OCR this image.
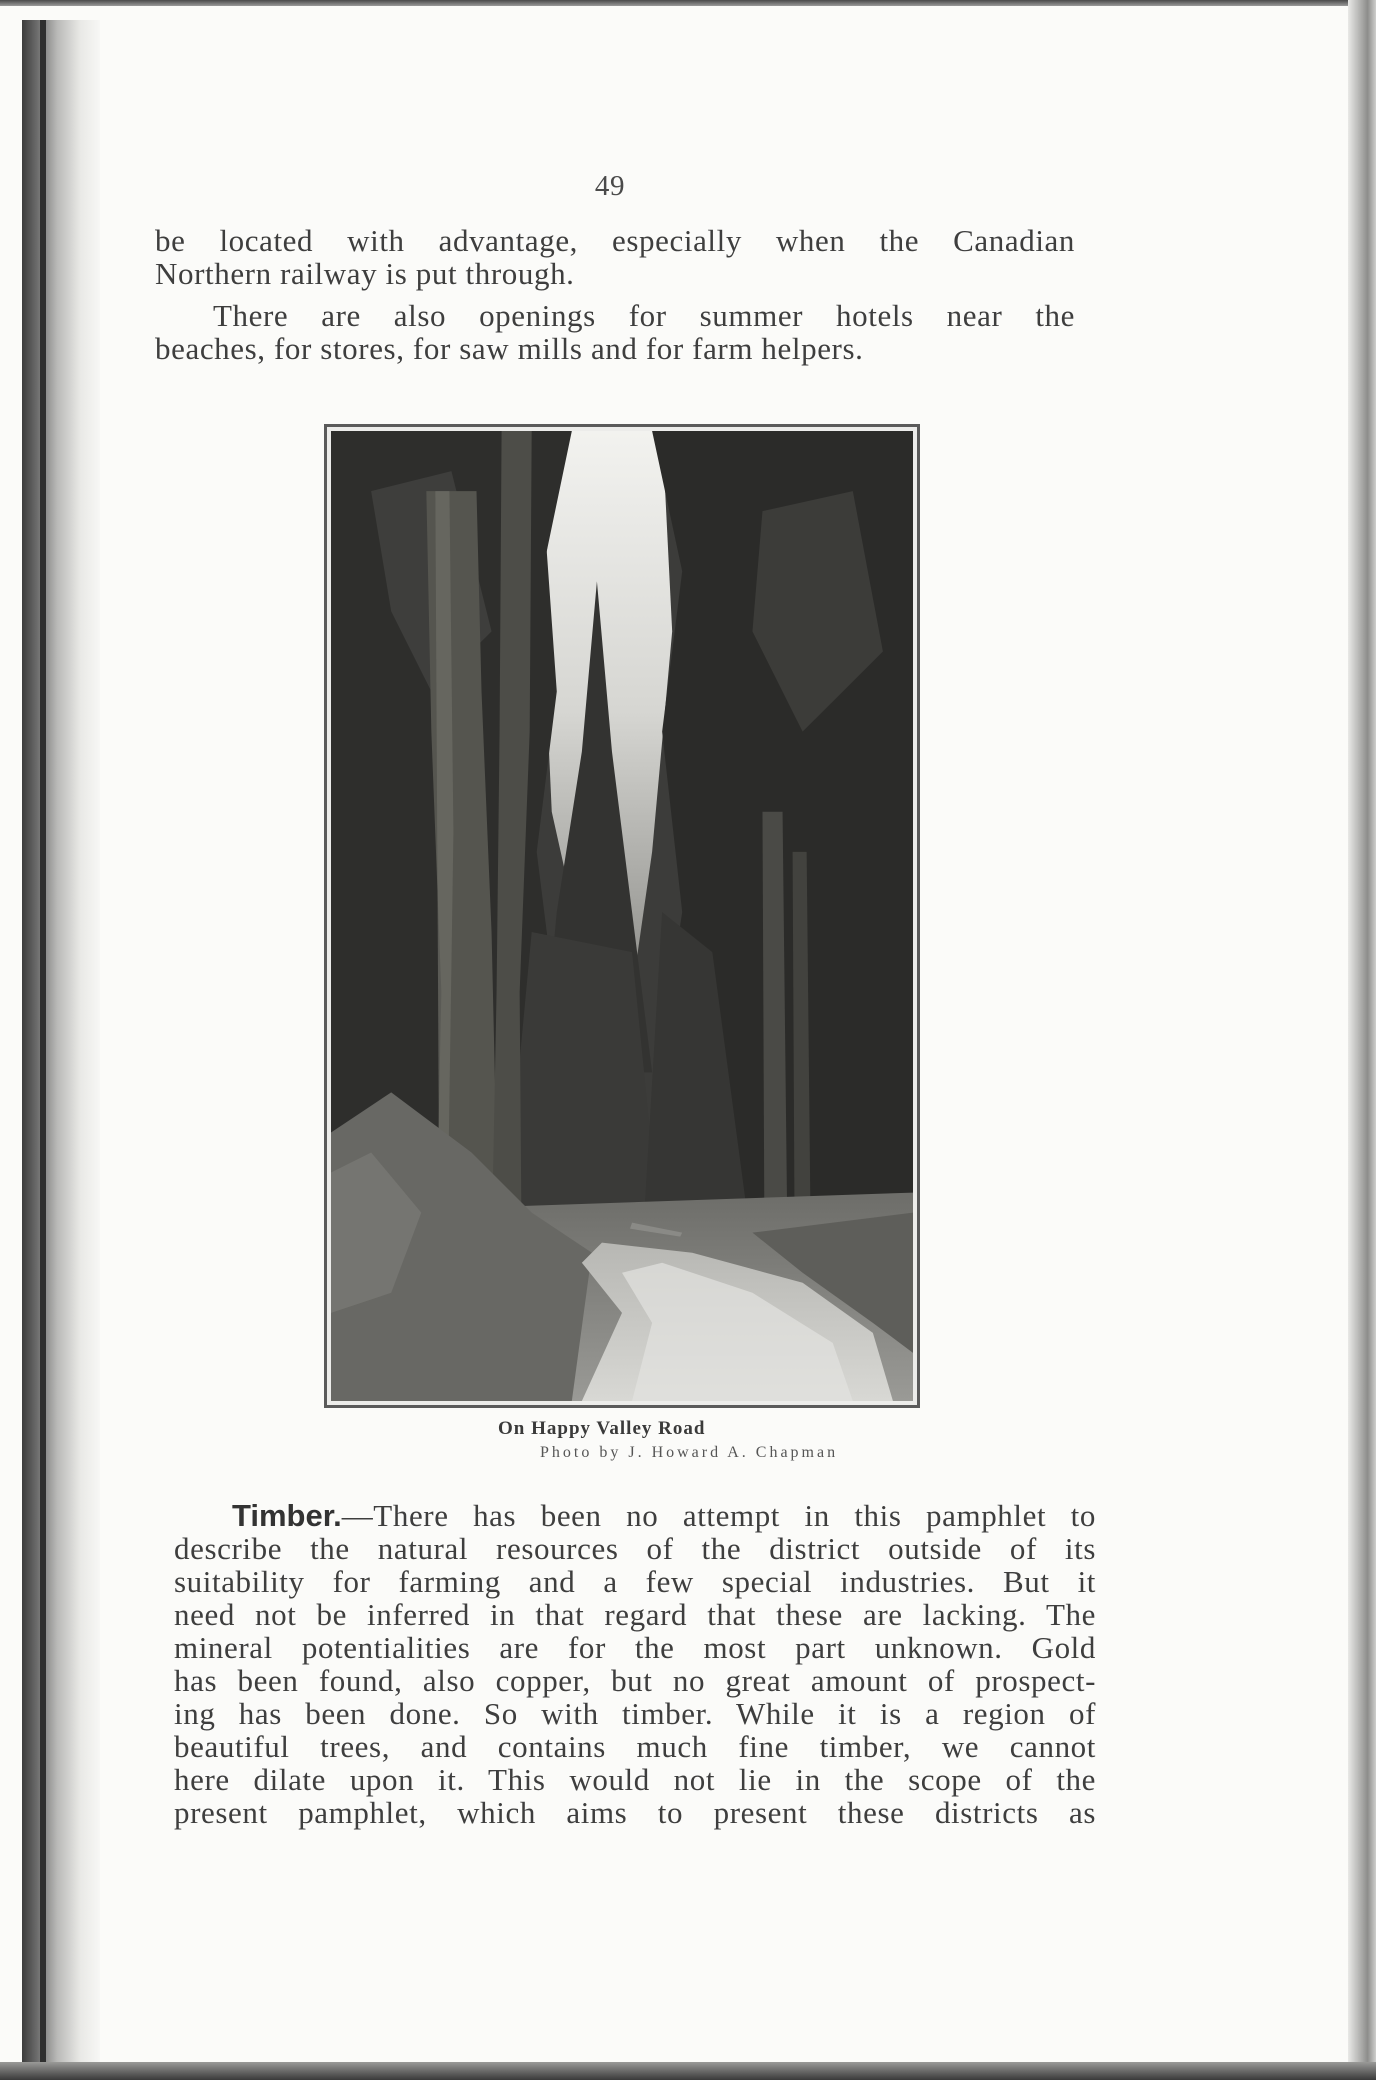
49
be located with advantage, especially when the Canadian
Northern railway is put through.
There are also openings for summer hotels near the
beaches, for stores, for saw mills and for farm helpers.
On Happy Valley Road
Photo by J. Howard A. Chapman
Timber.—There has been no attempt in this pamphlet to
describe the natural resources of the district outside of its
suitability for farming and a few special industries. But it
need not be inferred in that regard that these are lacking. The
mineral potentialities are for the most part unknown. Gold
has been found, also copper, but no great amount of prospect-
ing has been done. So with timber. While it is a region of
beautiful trees, and contains much fine timber, we cannot
here dilate upon it. This would not lie in the scope of the
present pamphlet, which aims to present these districts as
